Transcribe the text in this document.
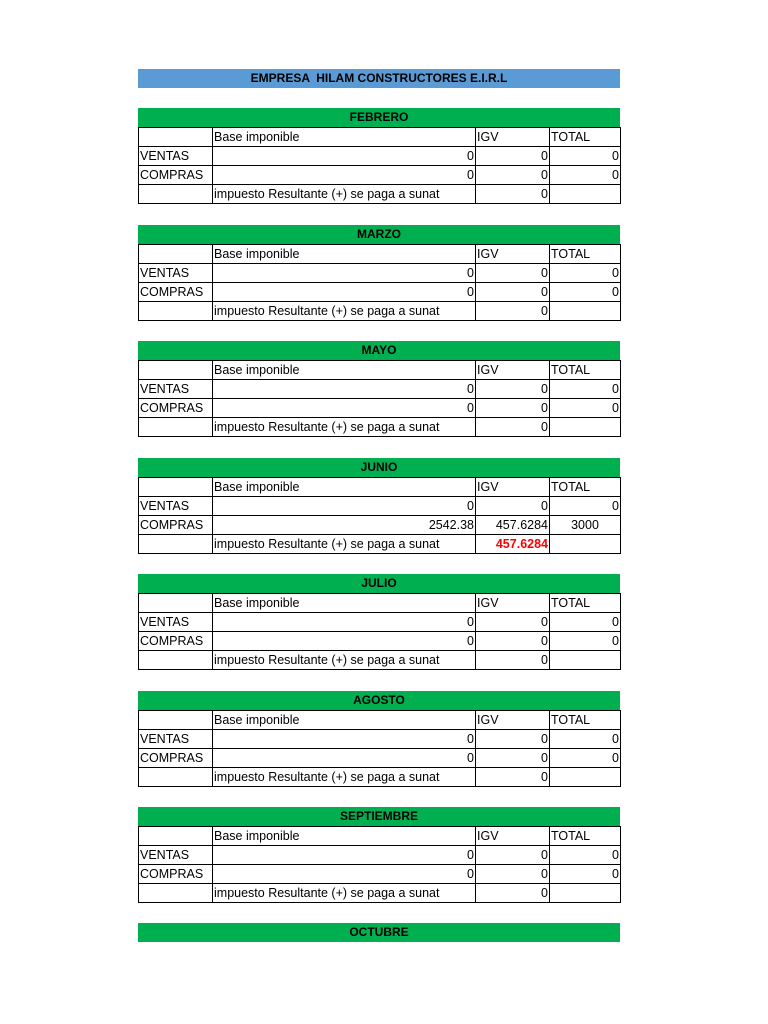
EMPRESA  HILAM CONSTRUCTORES E.I.R.L
FEBRERO
	Base imponible	IGV	TOTAL
VENTAS	0	0	0
COMPRAS	0	0	0
	impuesto Resultante (+) se paga a sunat	0	
MARZO
	Base imponible	IGV	TOTAL
VENTAS	0	0	0
COMPRAS	0	0	0
	impuesto Resultante (+) se paga a sunat	0	
MAYO
	Base imponible	IGV	TOTAL
VENTAS	0	0	0
COMPRAS	0	0	0
	impuesto Resultante (+) se paga a sunat	0	
JUNIO
	Base imponible	IGV	TOTAL
VENTAS	0	0	0
COMPRAS	2542.38	457.6284	3000
	impuesto Resultante (+) se paga a sunat	457.6284	
JULIO
	Base imponible	IGV	TOTAL
VENTAS	0	0	0
COMPRAS	0	0	0
	impuesto Resultante (+) se paga a sunat	0	
AGOSTO
	Base imponible	IGV	TOTAL
VENTAS	0	0	0
COMPRAS	0	0	0
	impuesto Resultante (+) se paga a sunat	0	
SEPTIEMBRE
	Base imponible	IGV	TOTAL
VENTAS	0	0	0
COMPRAS	0	0	0
	impuesto Resultante (+) se paga a sunat	0	
OCTUBRE
